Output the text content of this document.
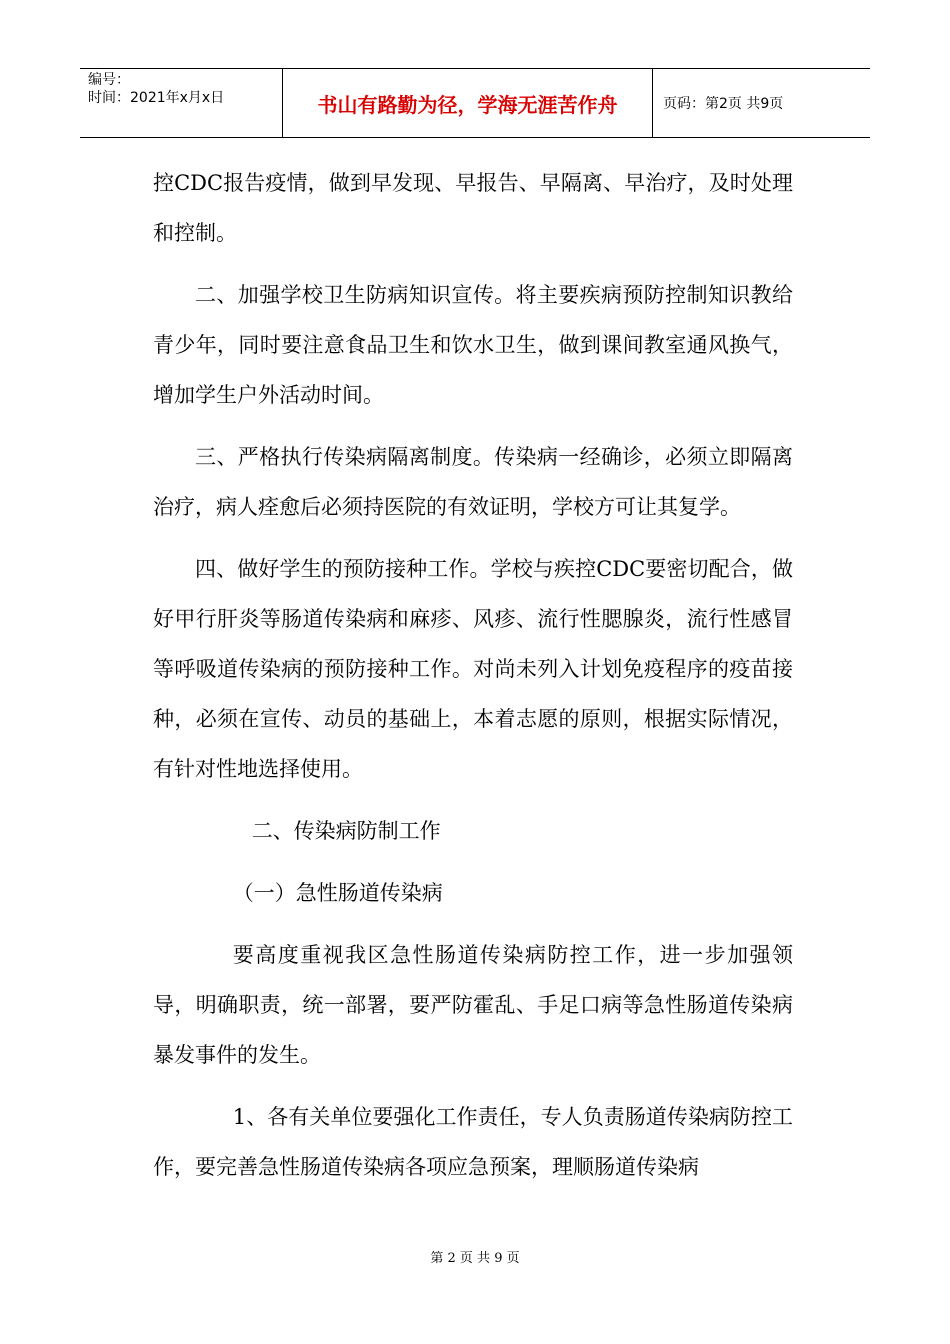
编号：
时间：2021年x月x日	书山有路勤为径，学海无涯苦作舟	页码：第2页 共9页

控CDC报告疫情，做到早发现、早报告、早隔离、早治疗，及时处理和控制。

二、加强学校卫生防病知识宣传。将主要疾病预防控制知识教给青少年，同时要注意食品卫生和饮水卫生，做到课间教室通风换气，增加学生户外活动时间。

三、严格执行传染病隔离制度。传染病一经确诊，必须立即隔离治疗，病人痊愈后必须持医院的有效证明，学校方可让其复学。

四、做好学生的预防接种工作。学校与疾控CDC要密切配合，做好甲行肝炎等肠道传染病和麻疹、风疹、流行性腮腺炎，流行性感冒等呼吸道传染病的预防接种工作。对尚未列入计划免疫程序的疫苗接种，必须在宣传、动员的基础上，本着志愿的原则，根据实际情况，有针对性地选择使用。

二、传染病防制工作

（一）急性肠道传染病

要高度重视我区急性肠道传染病防控工作，进一步加强领导，明确职责，统一部署，要严防霍乱、手足口病等急性肠道传染病暴发事件的发生。

1、各有关单位要强化工作责任，专人负责肠道传染病防控工作，要完善急性肠道传染病各项应急预案，理顺肠道传染病

第 2 页 共 9 页
